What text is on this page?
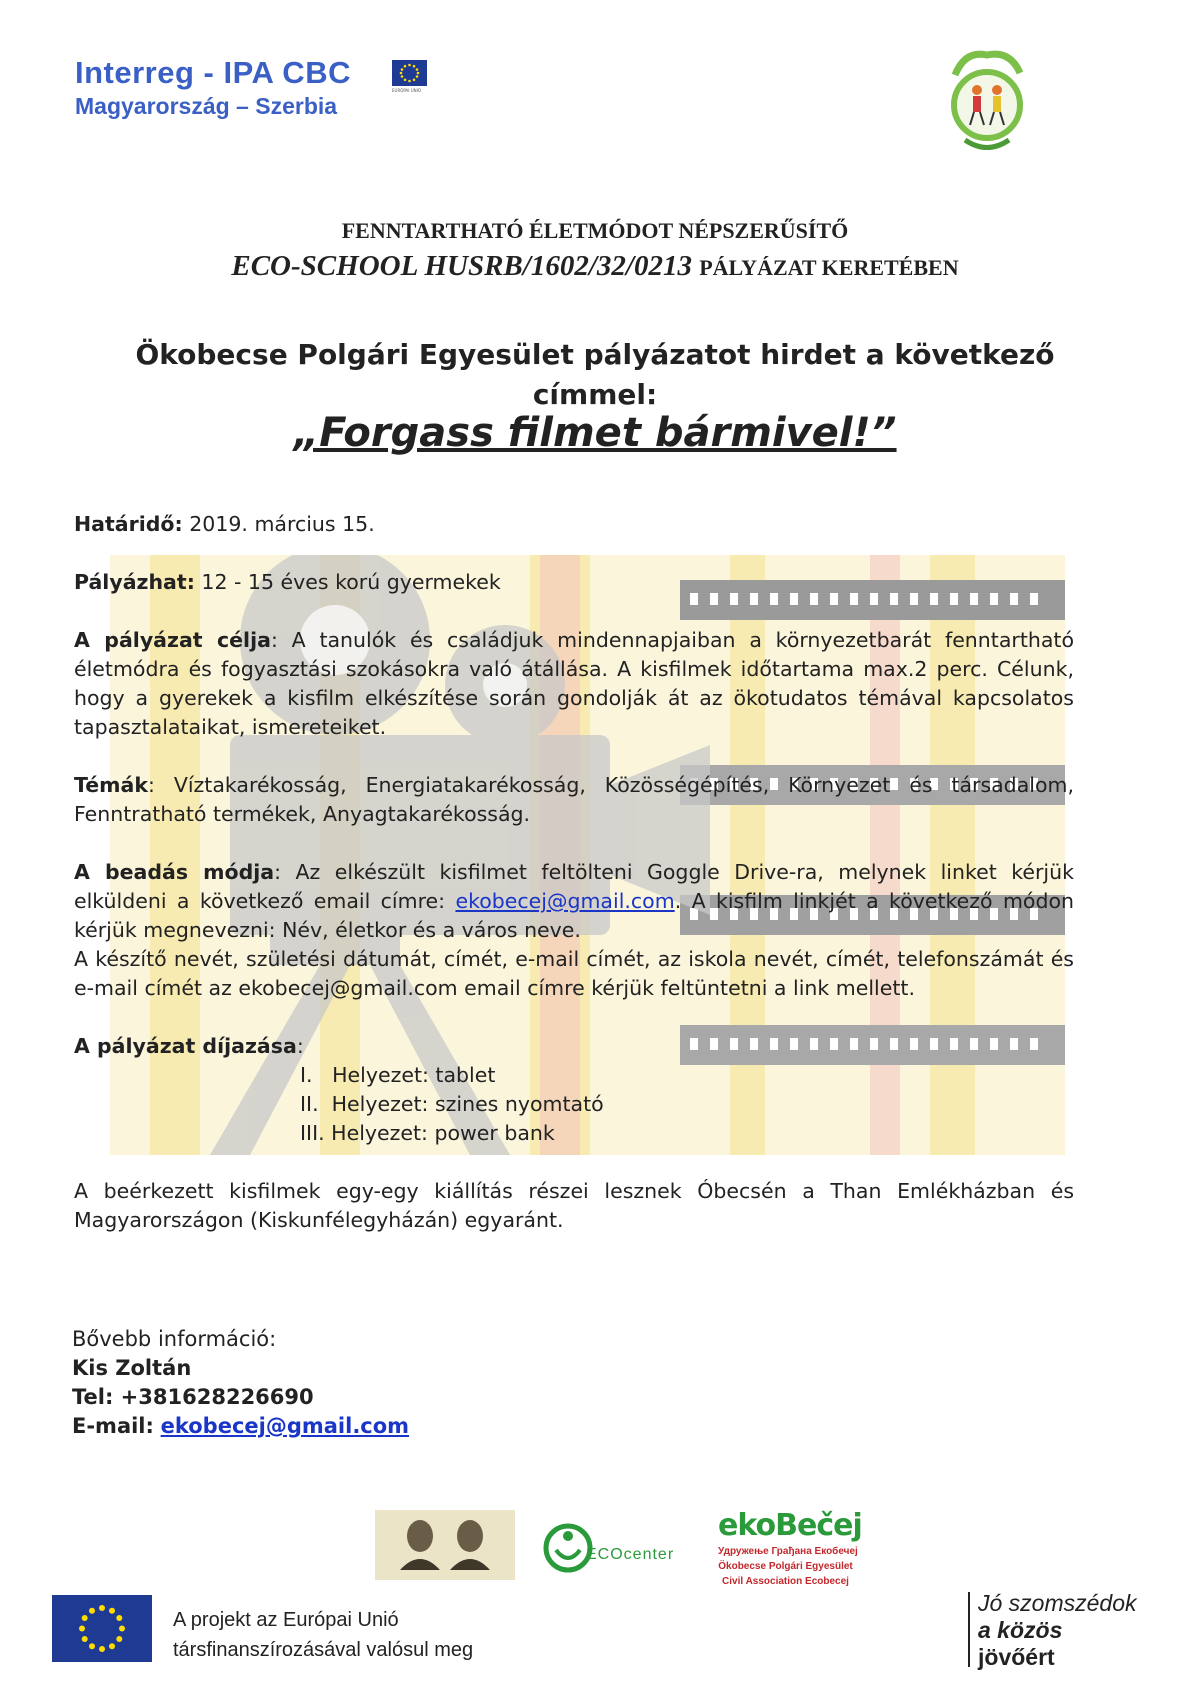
Interreg - IPA CBC
Magyarország – Szerbia
EURÓPAI UNIÓ
FENNTARTHATÓ ÉLETMÓDOT NÉPSZERŰSÍTŐ
ECO-SCHOOL HUSRB/1602/32/0213 PÁLYÁZAT KERETÉBEN
Ökobecse Polgári Egyesület pályázatot hirdet a következő címmel:
„Forgass filmet bármivel!”

Határidő: 2019. március 15.

Pályázhat: 12 - 15 éves korú gyermekek

A pályázat célja: A tanulók és családjuk mindennapjaiban a környezetbarát fenntartható életmódra és fogyasztási szokásokra való átállása. A kisfilmek időtartama max.2 perc. Célunk, hogy a gyerekek a kisfilm elkészítése során gondolják át az ökotudatos témával kapcsolatos tapasztalataikat, ismereteiket.

Témák: Víztakarékosság, Energiatakarékosság, Közösségépítés, Környezet és társadalom, Fenntratható termékek, Anyagtakarékosság.

A beadás módja: Az elkészült kisfilmet feltölteni Goggle Drive-ra, melynek linket kérjük elküldeni a következő email címre: ekobecej@gmail.com. A kisfilm linkjét a következő módon kérjük megnevezni: Név, életkor és a város neve.

A készítő nevét, születési dátumát, címét, e-mail címét, az iskola nevét, címét, telefonszámát és e-mail címét az ekobecej@gmail.com email címre kérjük feltüntetni a link mellett.

A pályázat díjazása:

I.   Helyezet: tablet
II.  Helyezet: szines nyomtató
III. Helyezet: power bank

A beérkezett kisfilmek egy-egy kiállítás részei lesznek Óbecsén a Than Emlékházban és Magyarországon (Kiskunfélegyházán) egyaránt.

Bővebb információ:
Kis Zoltán
Tel: +381628226690
E-mail: ekobecej@gmail.com
ECOcenter
ekoBečej
Удружење Грађана Екобечеј
Ökobecse Polgári Egyesület
Civil Association Ecobecej
A projekt az Európai Unió
társfinanszírozásával valósul meg
Jó szomszédok
a közös
jövőért
